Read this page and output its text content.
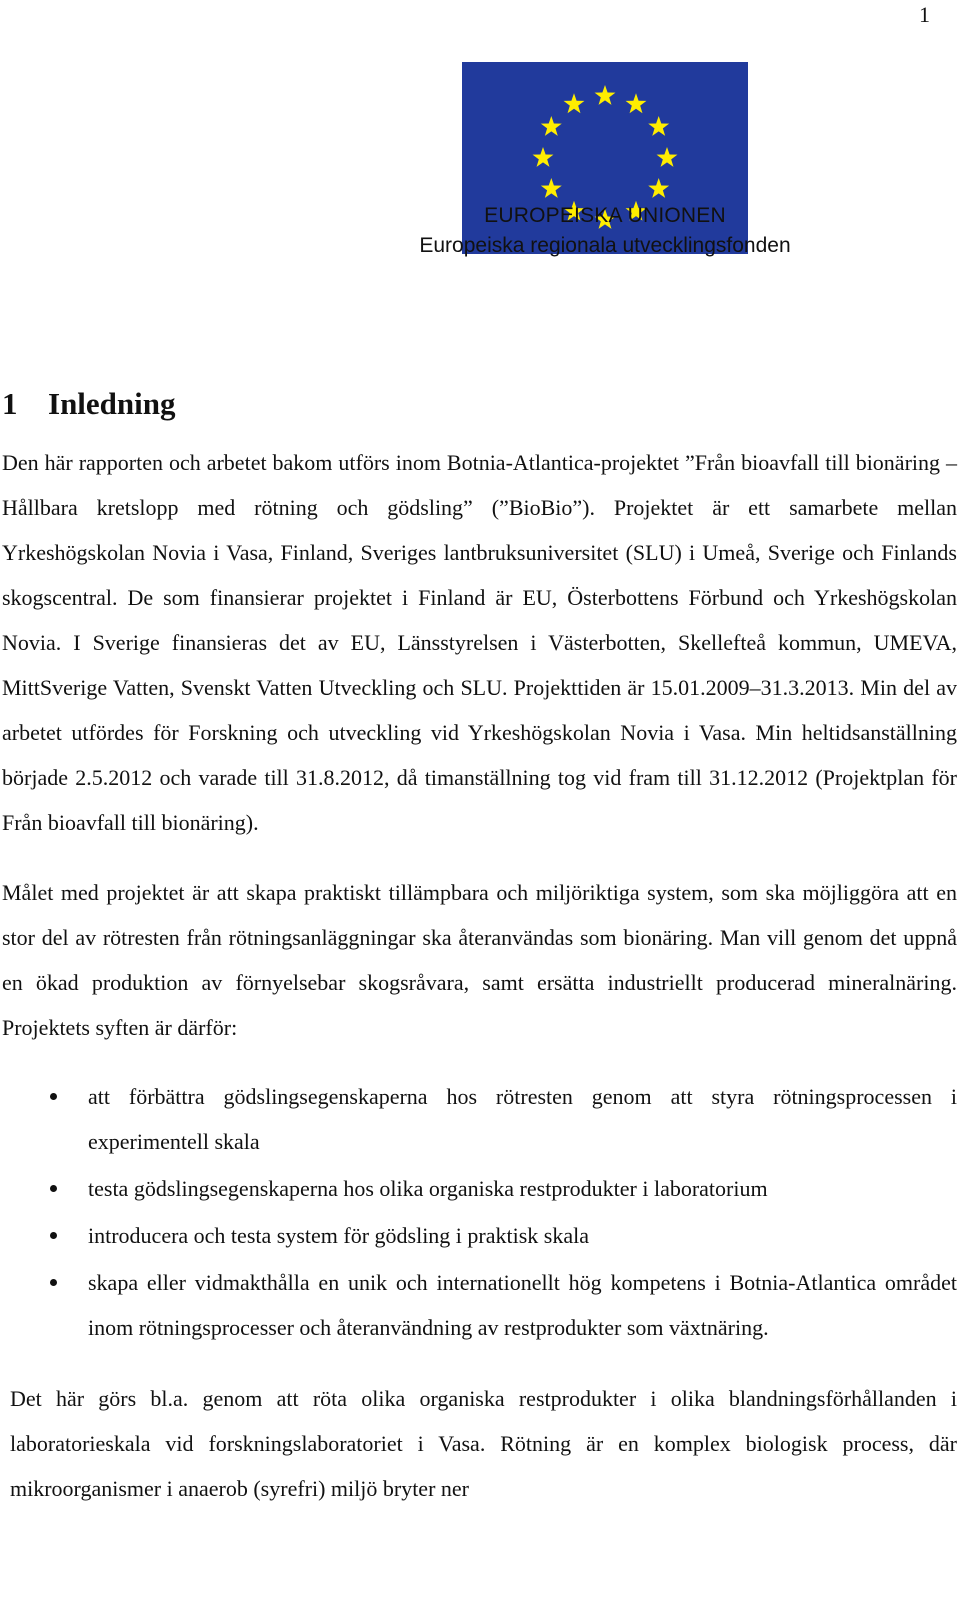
1
EUROPEISKA UNIONEN
Europeiska regionala utvecklingsfonden
1 Inledning

Den här rapporten och arbetet bakom utförs inom Botnia-Atlantica-projektet ”Från bioavfall till bionäring – Hållbara kretslopp med rötning och gödsling” (”BioBio”). Projektet är ett samarbete mellan Yrkeshögskolan Novia i Vasa, Finland, Sveriges lantbruksuniversitet (SLU) i Umeå, Sverige och Finlands skogscentral. De som finansierar projektet i Finland är EU, Österbottens Förbund och Yrkeshögskolan Novia. I Sverige finansieras det av EU, Länsstyrelsen i Västerbotten, Skellefteå kommun, UMEVA, MittSverige Vatten, Svenskt Vatten Utveckling och SLU. Projekttiden är 15.01.2009–31.3.2013. Min del av arbetet utfördes för Forskning och utveckling vid Yrkeshögskolan Novia i Vasa. Min heltidsanställning började 2.5.2012 och varade till 31.8.2012, då timanställning tog vid fram till 31.12.2012 (Projektplan för Från bioavfall till bionäring).

Målet med projektet är att skapa praktiskt tillämpbara och miljöriktiga system, som ska möjliggöra att en stor del av rötresten från rötningsanläggningar ska återanvändas som bionäring. Man vill genom det uppnå en ökad produktion av förnyelsebar skogsråvara, samt ersätta industriellt producerad mineralnäring. Projektets syften är därför:

att förbättra gödslingsegenskaperna hos rötresten genom att styra rötningsprocessen i experimentell skala
testa gödslingsegenskaperna hos olika organiska restprodukter i laboratorium
introducera och testa system för gödsling i praktisk skala
skapa eller vidmakthålla en unik och internationellt hög kompetens i Botnia-Atlantica området inom rötningsprocesser och återanvändning av restprodukter som växtnäring.

Det här görs bl.a. genom att röta olika organiska restprodukter i olika blandningsförhållanden i laboratorieskala vid forskningslaboratoriet i Vasa. Rötning är en komplex biologisk process, där mikroorganismer i anaerob (syrefri) miljö bryter ner
